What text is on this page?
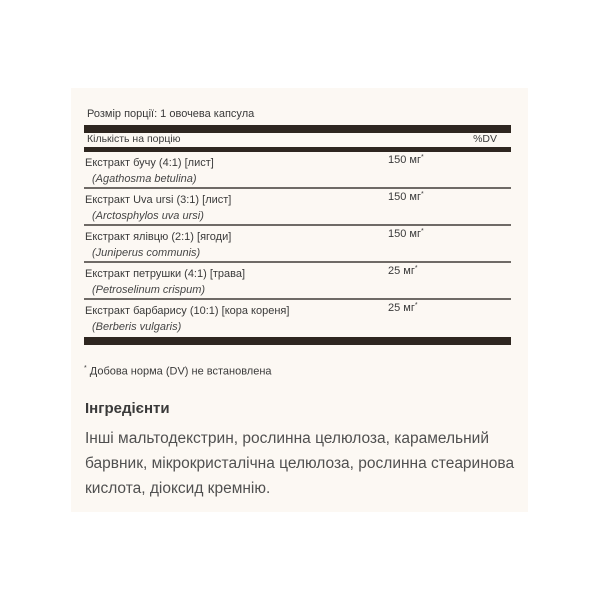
Розмір порції: 1 овочева капсула
Кількість на порцію	%DV
Екстракт бучу (4:1) [лист]
(Agathosma betulina)
150 мг*
Екстракт Uva ursi (3:1) [лист]
(Arctosphylos uva ursi)
150 мг*
Екстракт ялівцю (2:1) [ягоди]
(Juniperus communis)
150 мг*
Екстракт петрушки (4:1) [трава]
(Petroselinum crispum)
25 мг*
Екстракт барбарису (10:1) [кора кореня]
(Berberis vulgaris)
25 мг*
* Добова норма (DV) не встановлена
Інгредієнти
Інші мальтодекстрин, рослинна целюлоза, карамельний барвник, мікрокристалічна целюлоза, рослинна стеаринова кислота, діоксид кремнію.
